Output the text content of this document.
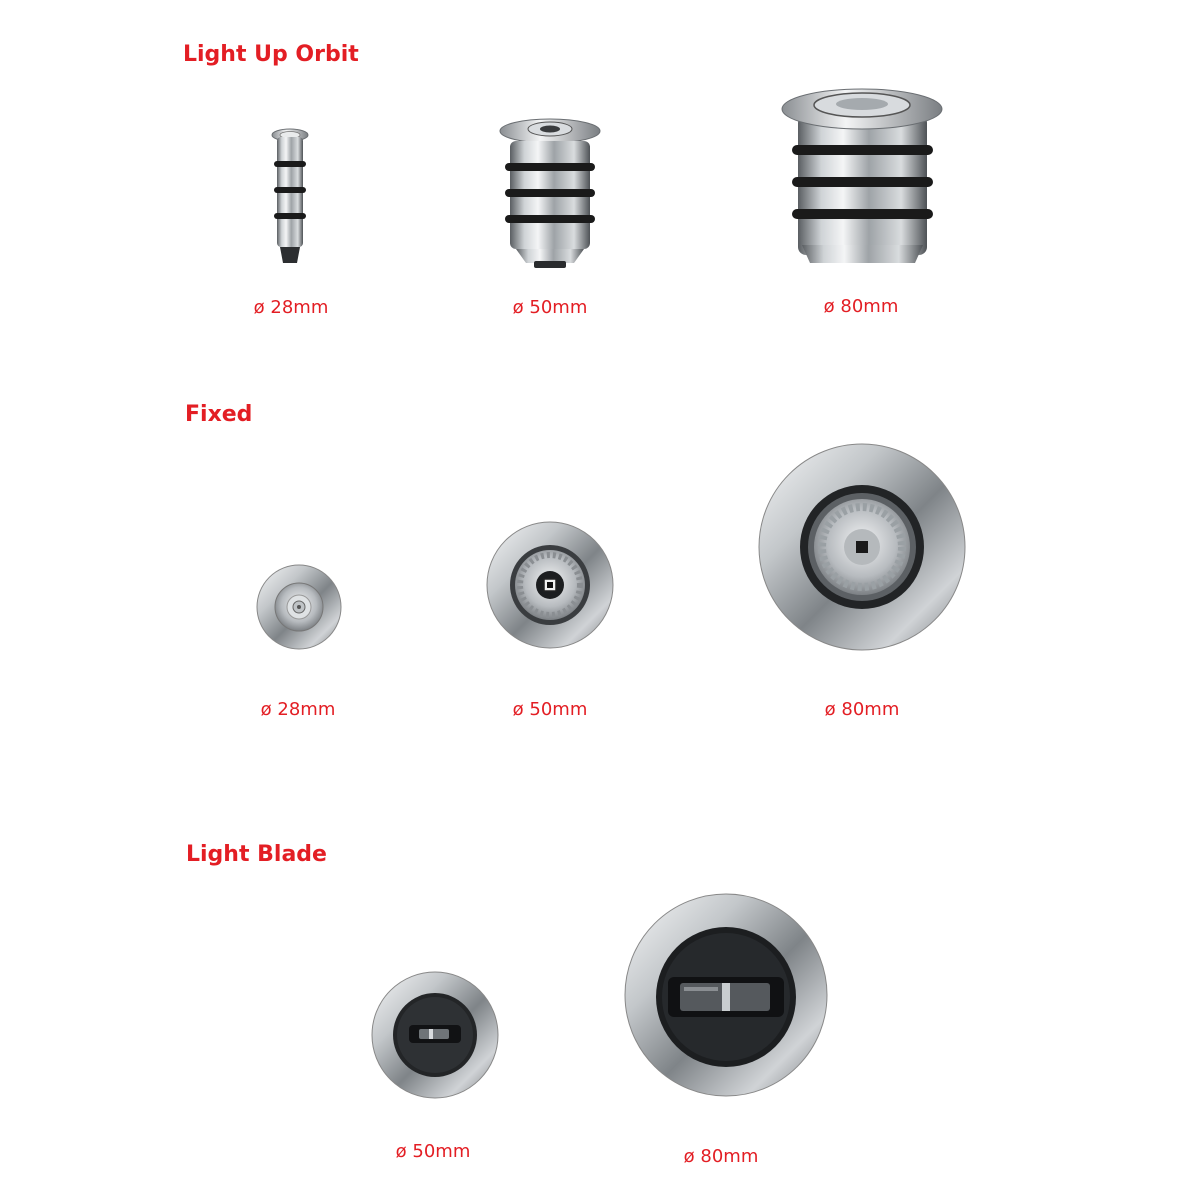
Light Up Orbit
ø 28mm	ø 50mm	ø 80mm
Fixed
ø 28mm	ø 50mm	ø 80mm
Light Blade
ø 50mm	ø 80mm
